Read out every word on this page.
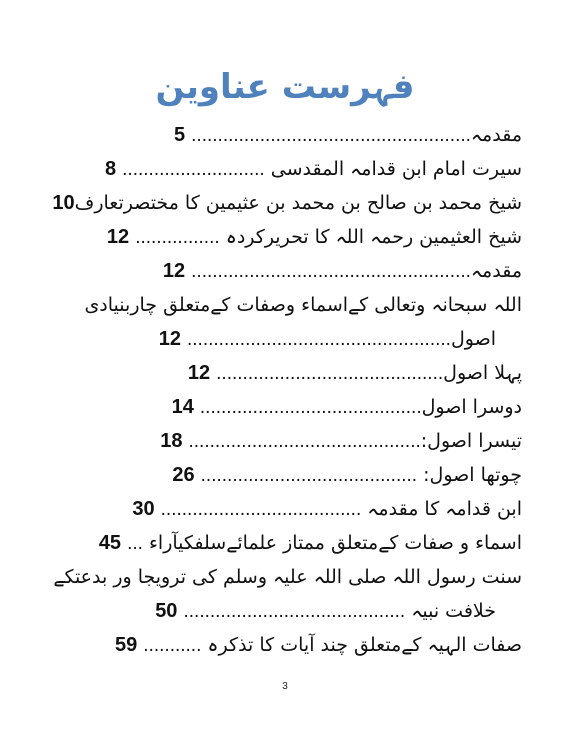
فہرست عناوین
مقدمہ..................................................... 5
سیرت امام ابن قدامہ المقدسی ........................... 8
شیخ محمد بن صالح بن محمد بن عثیمین کا مختصرتعارف10
شیخ العثیمین رحمہ اللہ کا تحریرکردہ ................ 12
مقدمہ..................................................... 12
اللہ سبحانہ وتعالی کےاسماء وصفات کےمتعلق چاربنیادی
اصول.................................................. 12
پہلا اصول........................................... 12
دوسرا اصول.......................................... 14
تیسرا اصول:............................................ 18
چوتھا اصول: ......................................... 26
ابن قدامہ کا مقدمہ ...................................... 30
اسماء و صفات کےمتعلق ممتاز علمائےسلفکیآراء ... 45
سنت رسول اللہ صلی اللہ علیہ وسلم کی ترویجا ور بدعتکے
خلافت نبیہ .......................................... 50
صفات الہیہ کےمتعلق چند آیات کا تذکرہ ........... 59
3
